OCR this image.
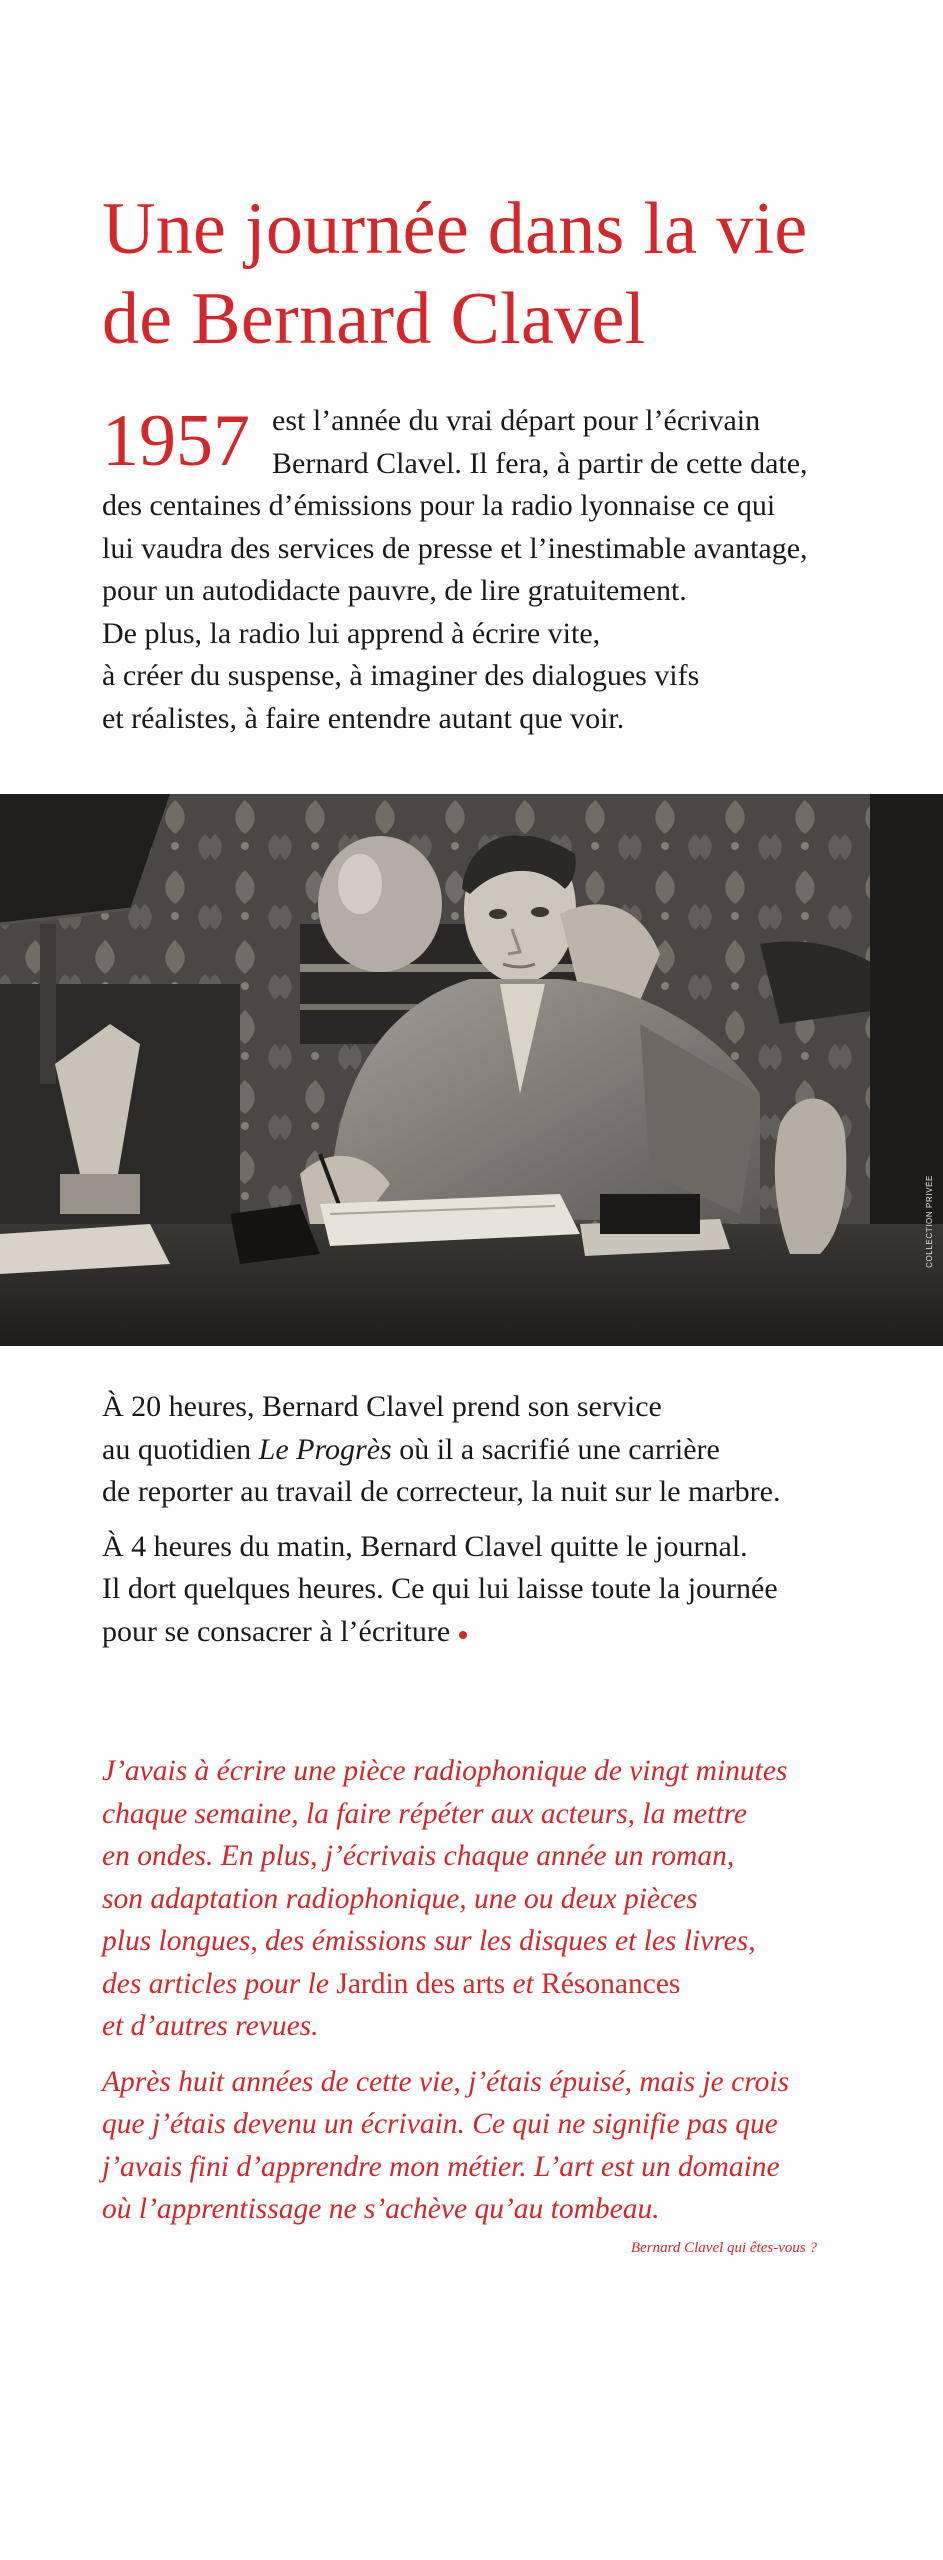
Une journée dans la vie
de Bernard Clavel
1957 est l’année du vrai départ pour l’écrivain
Bernard Clavel. Il fera, à partir de cette date,
des centaines d’émissions pour la radio lyonnaise ce qui
lui vaudra des services de presse et l’inestimable avantage,
pour un autodidacte pauvre, de lire gratuitement.
De plus, la radio lui apprend à écrire vite,
à créer du suspense, à imaginer des dialogues vifs
et réalistes, à faire entendre autant que voir.
COLLECTION PRIVÉE
À 20 heures, Bernard Clavel prend son service
au quotidien Le Progrès où il a sacrifié une carrière
de reporter au travail de correcteur, la nuit sur le marbre.
À 4 heures du matin, Bernard Clavel quitte le journal.
Il dort quelques heures. Ce qui lui laisse toute la journée
pour se consacrer à l’écriture
J’avais à écrire une pièce radiophonique de vingt minutes
chaque semaine, la faire répéter aux acteurs, la mettre
en ondes. En plus, j’écrivais chaque année un roman,
son adaptation radiophonique, une ou deux pièces
plus longues, des émissions sur les disques et les livres,
des articles pour le Jardin des arts et Résonances
et d’autres revues.
Après huit années de cette vie, j’étais épuisé, mais je crois
que j’étais devenu un écrivain. Ce qui ne signifie pas que
j’avais fini d’apprendre mon métier. L’art est un domaine
où l’apprentissage ne s’achève qu’au tombeau.
Bernard Clavel qui êtes-vous ?
